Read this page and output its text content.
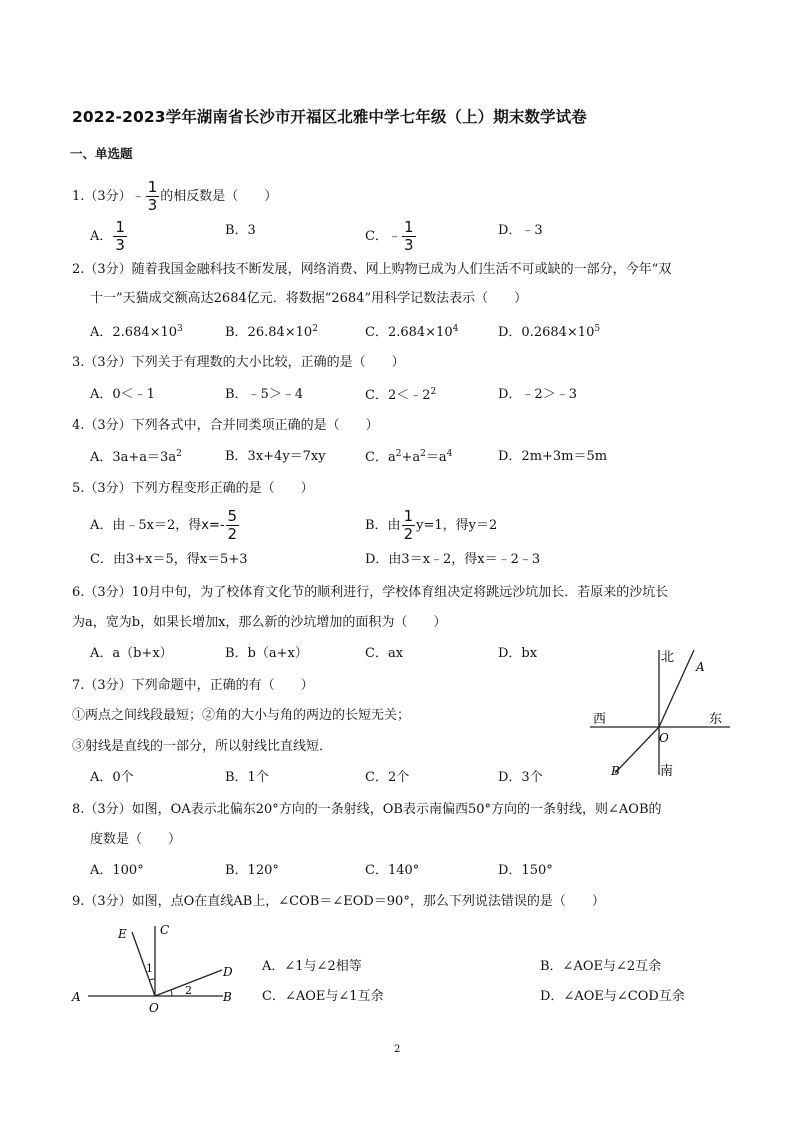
2022-2023学年湖南省长沙市开福区北雅中学七年级（上）期末数学试卷
一、单选题
1.（3分）﹣ $\frac{1}{3}$ 的相反数是（　　）
A． $\frac{1}{3}$	B．3	C．﹣ $\frac{1}{3}$	D．﹣3
2.（3分）随着我国金融科技不断发展，网络消费、网上购物已成为人们生活不可或缺的一部分，今年“双
十一”天猫成交额高达2684亿元．将数据“2684”用科学记数法表示（　　）
A．$2.684\times 10^3$	B．$26.84\times 10^2$	C．$2.684\times 10^4$	D．$0.2684\times 10^5$
3.（3分）下列关于有理数的大小比较，正确的是（　　）
A．0＜﹣1	B．﹣5＞﹣4	C．$2<﹣2^2$	D．﹣2＞﹣3
4.（3分）下列各式中，合并同类项正确的是（　　）
A．$3a+a=3a^2$	B．3x+4y＝7xy	C．$a^2+a^2=a^4$	D．2m+3m＝5m
5.（3分）下列方程变形正确的是（　　）
A．由﹣5x＝2，得$x=- \frac{5}{2}$	B．由 $\frac{1}{2} y=1$，得y＝2
C．由3+x＝5，得x＝5+3	D．由3＝x﹣2，得x＝﹣2﹣3
6.（3分）10月中旬，为了校体育文化节的顺利进行，学校体育组决定将跳远沙坑加长．若原来的沙坑长
为a，宽为b，如果长增加x，那么新的沙坑增加的面积为（　　）
A．a（b+x）	B．b（a+x）	C．ax	D．bx
7.（3分）下列命题中，正确的有（　　）
①两点之间线段最短；②角的大小与角的两边的长短无关；
③射线是直线的一部分，所以射线比直线短．
A．0个	B．1个	C．2个	D．3个
8.（3分）如图，OA表示北偏东20°方向的一条射线，OB表示南偏西50°方向的一条射线，则∠AOB的
度数是（　　）
A．100°	B．120°	C．140°	D．150°
9.（3分）如图，点O在直线AB上，∠COB＝∠EOD＝90°，那么下列说法错误的是（　　）
A．∠1与∠2相等	B．∠AOE与∠2互余
C．∠AOE与∠1互余	D．∠AOE与∠COD互余
北
A
西	东
O
南
B
E	C
D
A	B
O
1
2
2
